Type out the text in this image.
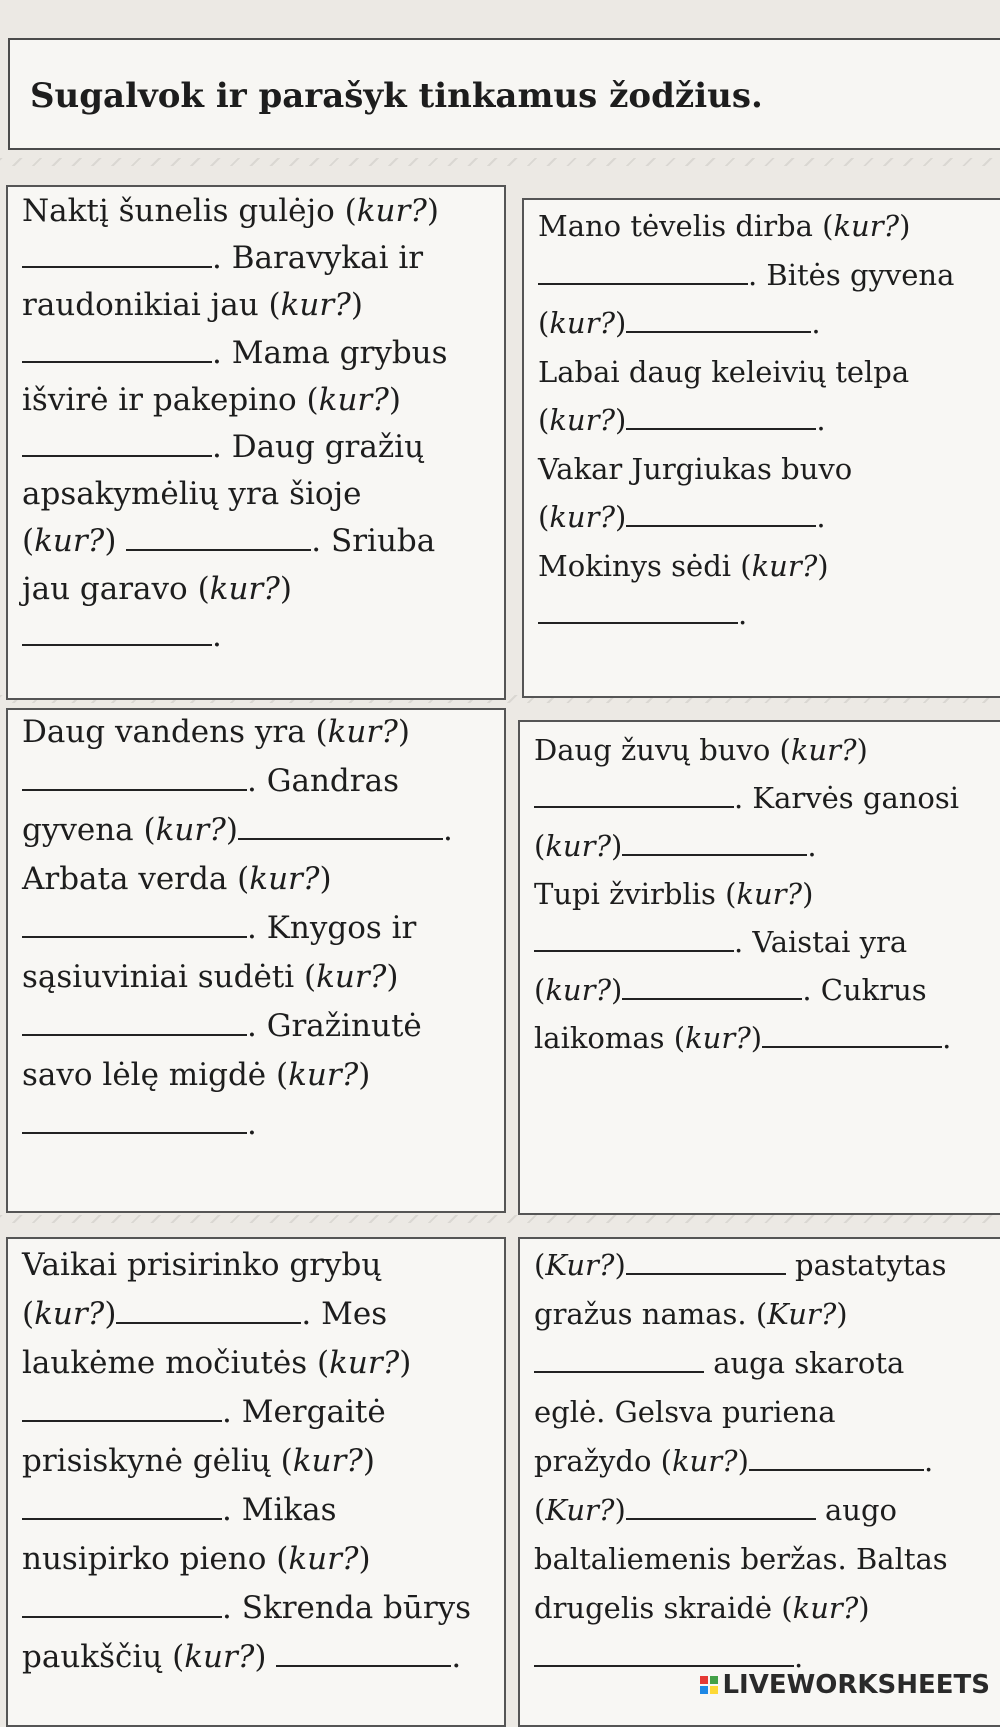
Sugalvok ir parašyk tinkamus žodžius.
Naktį šunelis gulėjo (kur?)
. Baravykai ir
raudonikiai jau (kur?)
. Mama grybus
išvirė ir pakepino (kur?)
. Daug gražių
apsakymėlių yra šioje
(kur?)	. Sriuba
jau garavo (kur?)
.
Mano tėvelis dirba (kur?)
. Bitės gyvena
(kur?)	.
Labai daug keleivių telpa
(kur?)	.
Vakar Jurgiukas buvo
(kur?)	.
Mokinys sėdi (kur?)
.
Daug vandens yra (kur?)
. Gandras
gyvena (kur?)	.
Arbata verda (kur?)
. Knygos ir
sąsiuviniai sudėti (kur?)
. Gražinutė
savo lėlę migdė (kur?)
.
Daug žuvų buvo (kur?)
. Karvės ganosi
(kur?)	.
Tupi žvirblis (kur?)
. Vaistai yra
(kur?)	. Cukrus
laikomas (kur?)	.
Vaikai prisirinko grybų
(kur?)	. Mes
laukėme močiutės (kur?)
. Mergaitė
prisiskynė gėlių (kur?)
. Mikas
nusipirko pieno (kur?)
. Skrenda būrys
paukščių (kur?)	.
(Kur?)	pastatytas
gražus namas. (Kur?)
auga skarota
eglė. Gelsva puriena
pražydo (kur?)	.
(Kur?)	augo
baltaliemenis beržas. Baltas
drugelis skraidė (kur?)
.
LIVEWORKSHEETS
